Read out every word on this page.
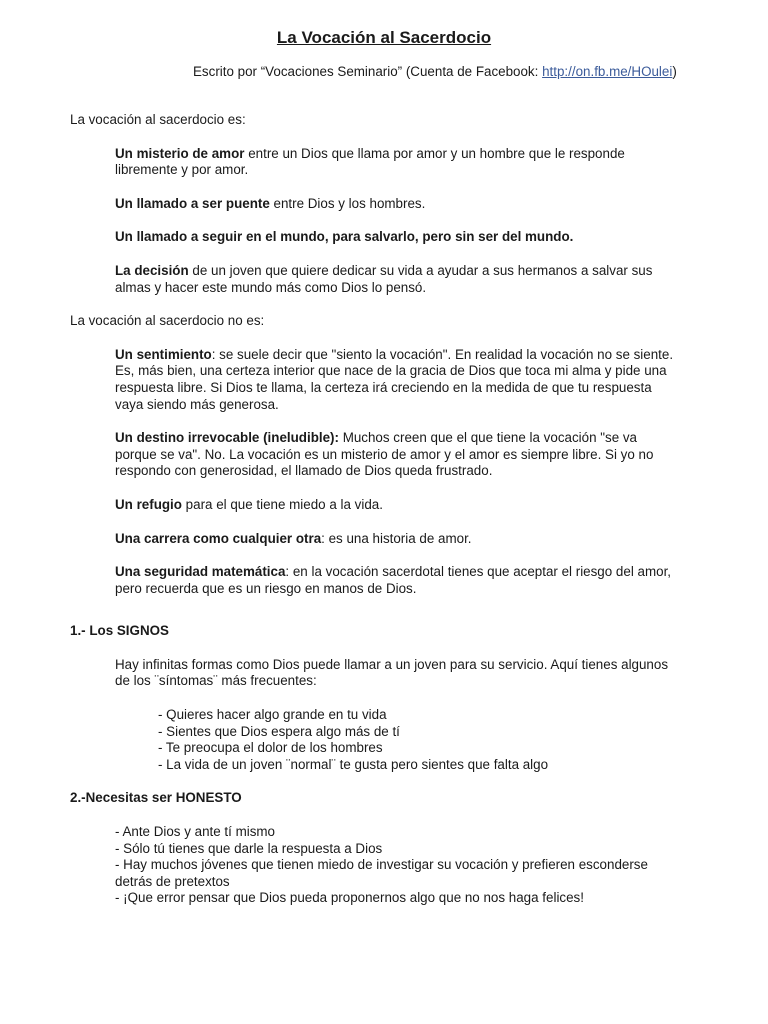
La Vocación al Sacerdocio
Escrito por “Vocaciones Seminario” (Cuenta de Facebook: http://on.fb.me/HOulei)
La vocación al sacerdocio es:
Un misterio de amor entre un Dios que llama por amor y un hombre que le responde libremente y por amor.
Un llamado a ser puente entre Dios y los hombres.
Un llamado a seguir en el mundo, para salvarlo, pero sin ser del mundo.
La decisión de un joven que quiere dedicar su vida a ayudar a sus hermanos a salvar sus almas y hacer este mundo más como Dios lo pensó.
La vocación al sacerdocio no es:
Un sentimiento: se suele decir que "siento la vocación". En realidad la vocación no se siente. Es, más bien, una certeza interior que nace de la gracia de Dios que toca mi alma y pide una respuesta libre. Si Dios te llama, la certeza irá creciendo en la medida de que tu respuesta vaya siendo más generosa.
Un destino irrevocable (ineludible): Muchos creen que el que tiene la vocación "se va porque se va". No. La vocación es un misterio de amor y el amor es siempre libre. Si yo no respondo con generosidad, el llamado de Dios queda frustrado.
Un refugio para el que tiene miedo a la vida.
Una carrera como cualquier otra: es una historia de amor.
Una seguridad matemática: en la vocación sacerdotal tienes que aceptar el riesgo del amor, pero recuerda que es un riesgo en manos de Dios.
1.- Los SIGNOS
Hay infinitas formas como Dios puede llamar a un joven para su servicio. Aquí tienes algunos de los ¨síntomas¨ más frecuentes:
- Quieres hacer algo grande en tu vida
- Sientes que Dios espera algo más de tí
- Te preocupa el dolor de los hombres
- La vida de un joven ¨normal¨ te gusta pero sientes que falta algo
2.-Necesitas ser HONESTO
- Ante Dios y ante tí mismo
- Sólo tú tienes que darle la respuesta a Dios
- Hay muchos jóvenes que tienen miedo de investigar su vocación y prefieren esconderse detrás de pretextos
- ¡Que error pensar que Dios pueda proponernos algo que no nos haga felices!
